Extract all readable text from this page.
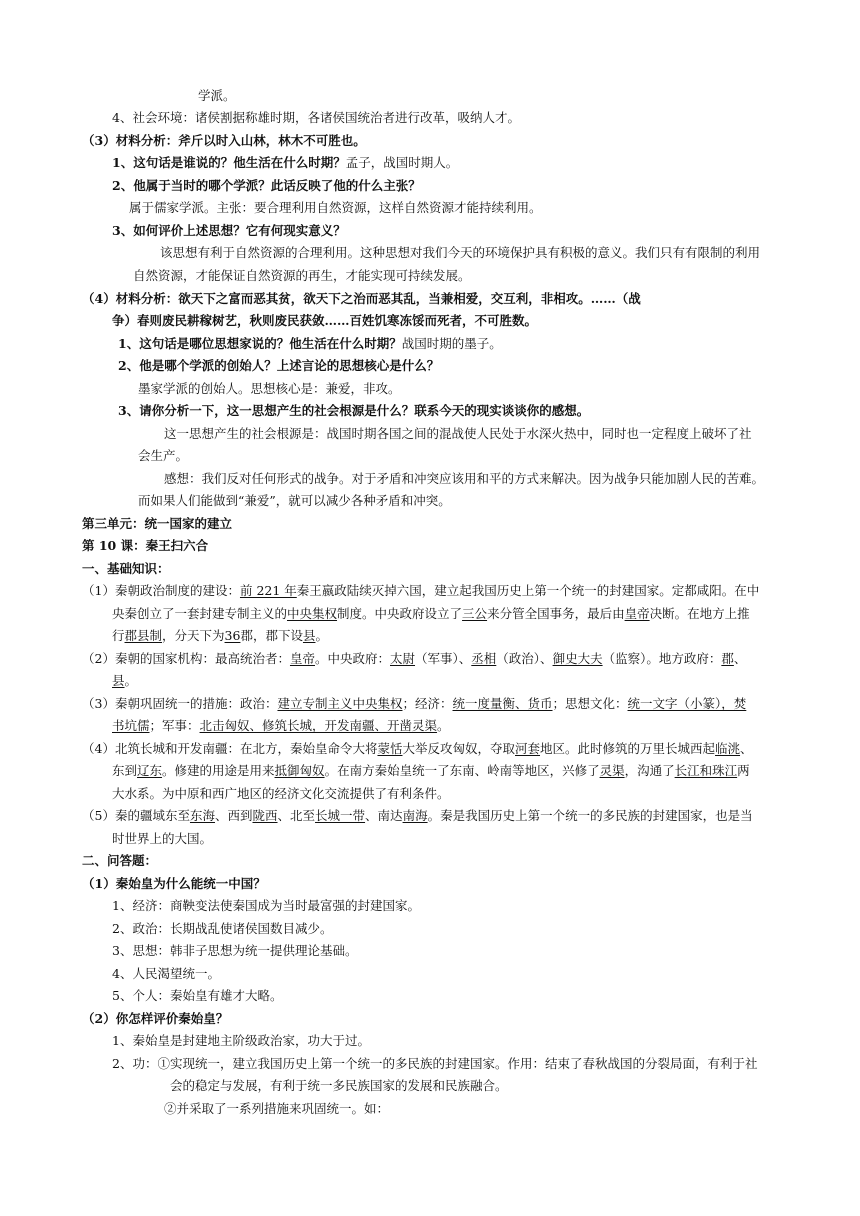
学派。
4、社会环境：诸侯割据称雄时期，各诸侯国统治者进行改革，吸纳人才。
（3）材料分析：斧斤以时入山林，林木不可胜也。
1、这句话是谁说的？他生活在什么时期？孟子，战国时期人。
2、他属于当时的哪个学派？此话反映了他的什么主张？
属于儒家学派。主张：要合理利用自然资源，这样自然资源才能持续利用。
3、如何评价上述思想？它有何现实意义？
该思想有利于自然资源的合理利用。这种思想对我们今天的环境保护具有积极的意义。我们只有有限制的利用
自然资源，才能保证自然资源的再生，才能实现可持续发展。
（4）材料分析：欲天下之富而恶其贫，欲天下之治而恶其乱，当兼相爱，交互利，非相攻。……（战
争）春则废民耕稼树艺，秋则废民获敛……百姓饥寒冻馁而死者，不可胜数。
1、这句话是哪位思想家说的？他生活在什么时期？战国时期的墨子。
2、他是哪个学派的创始人？上述言论的思想核心是什么？
墨家学派的创始人。思想核心是：兼爱，非攻。
3、请你分析一下，这一思想产生的社会根源是什么？联系今天的现实谈谈你的感想。
这一思想产生的社会根源是：战国时期各国之间的混战使人民处于水深火热中，同时也一定程度上破坏了社
会生产。
感想：我们反对任何形式的战争。对于矛盾和冲突应该用和平的方式来解决。因为战争只能加剧人民的苦难。
而如果人们能做到“兼爱”，就可以减少各种矛盾和冲突。
第三单元：统一国家的建立
第 10 课：秦王扫六合
一、基础知识：
（1）秦朝政治制度的建设：前 221 年秦王嬴政陆续灭掉六国，建立起我国历史上第一个统一的封建国家。定都咸阳。在中
央秦创立了一套封建专制主义的中央集权制度。中央政府设立了三公来分管全国事务，最后由皇帝决断。在地方上推
行郡县制，分天下为36郡，郡下设县。
（2）秦朝的国家机构：最高统治者：皇帝。中央政府：太尉（军事）、丞相（政治）、御史大夫（监察）。地方政府：郡、
县。
（3）秦朝巩固统一的措施：政治：建立专制主义中央集权；经济：统一度量衡、货币；思想文化：统一文字（小篆），焚
书坑儒；军事：北击匈奴、修筑长城，开发南疆、开凿灵渠。
（4）北筑长城和开发南疆：在北方，秦始皇命令大将蒙恬大举反攻匈奴，夺取河套地区。此时修筑的万里长城西起临洮、
东到辽东。修建的用途是用来抵御匈奴。在南方秦始皇统一了东南、岭南等地区，兴修了灵渠，沟通了长江和珠江两
大水系。为中原和西广地区的经济文化交流提供了有利条件。
（5）秦的疆域东至东海、西到陇西、北至长城一带、南达南海。秦是我国历史上第一个统一的多民族的封建国家，也是当
时世界上的大国。
二、问答题：
（1）秦始皇为什么能统一中国？
1、经济：商鞅变法使秦国成为当时最富强的封建国家。
2、政治：长期战乱使诸侯国数目减少。
3、思想：韩非子思想为统一提供理论基础。
4、人民渴望统一。
5、个人：秦始皇有雄才大略。
（2）你怎样评价秦始皇？
1、秦始皇是封建地主阶级政治家，功大于过。
2、功：①实现统一，建立我国历史上第一个统一的多民族的封建国家。作用：结束了春秋战国的分裂局面，有利于社
会的稳定与发展，有利于统一多民族国家的发展和民族融合。
②并采取了一系列措施来巩固统一。如：
